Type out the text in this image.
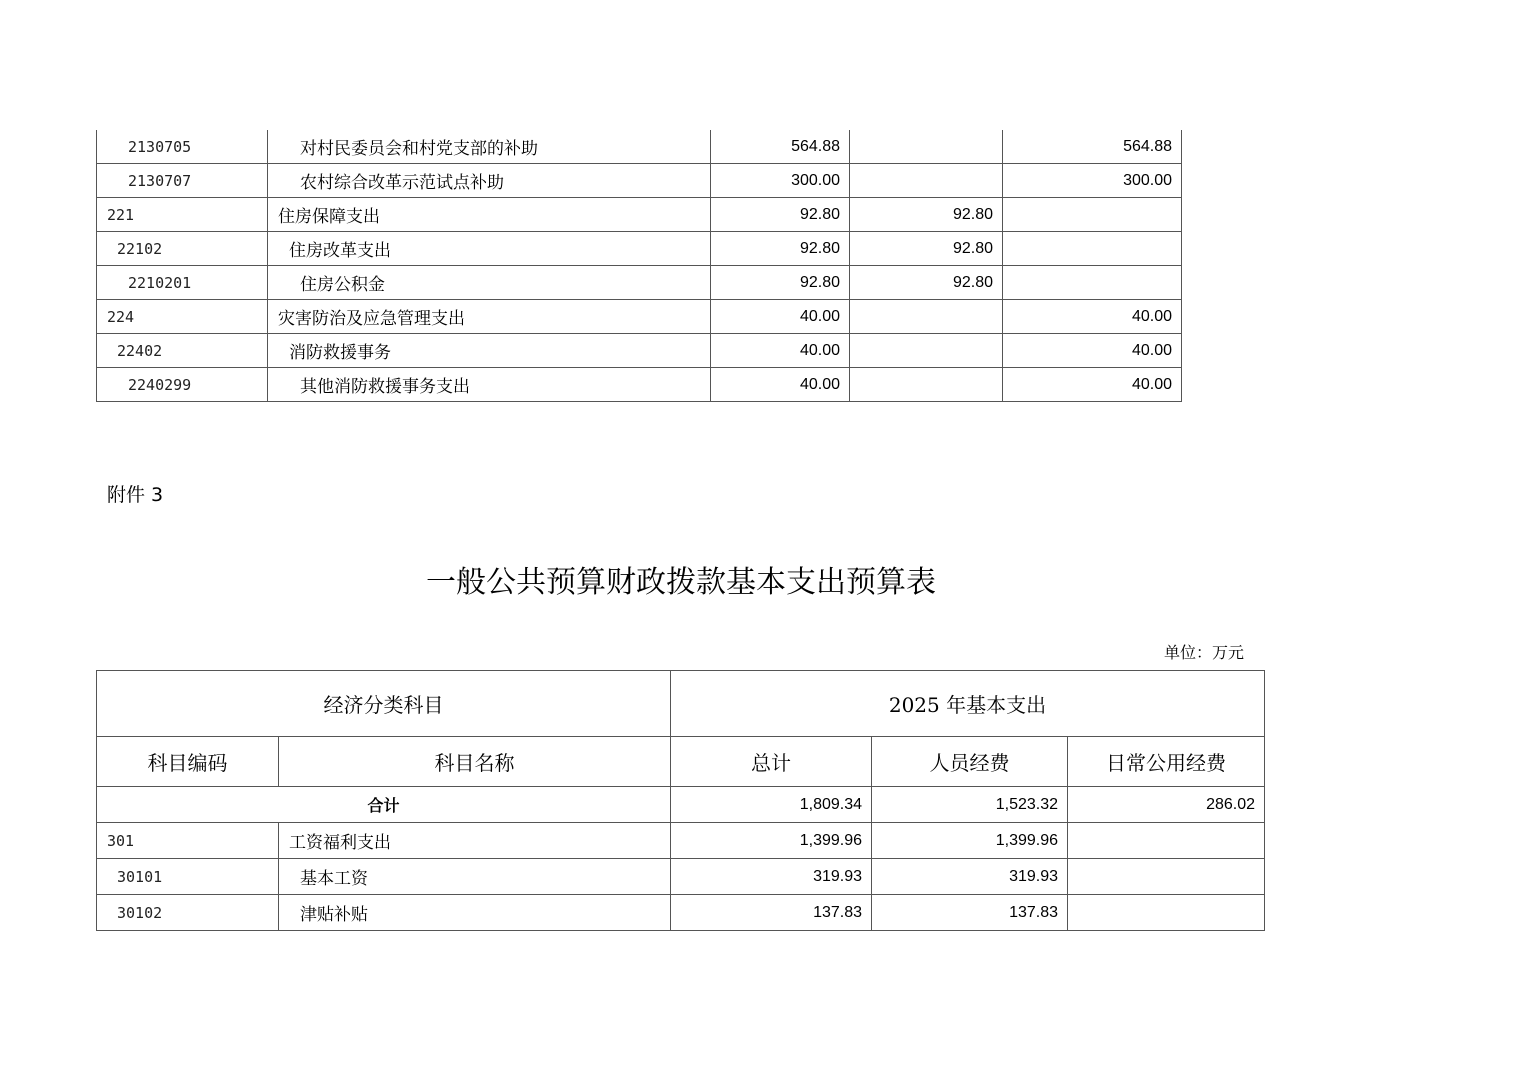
2130705	对村民委员会和村党支部的补助	564.88		564.88
2130707	农村综合改革示范试点补助	300.00		300.00
221	住房保障支出	92.80	92.80	
22102	住房改革支出	92.80	92.80	
2210201	住房公积金	92.80	92.80	
224	灾害防治及应急管理支出	40.00		40.00
22402	消防救援事务	40.00		40.00
2240299	其他消防救援事务支出	40.00		40.00
附件 3
一般公共预算财政拨款基本支出预算表
单位：万元
经济分类科目		2025 年基本支出		
科目编码	科目名称	总计	人员经费	日常公用经费
合计		1,809.34	1,523.32	286.02
301	工资福利支出	1,399.96	1,399.96	
30101	基本工资	319.93	319.93	
30102	津贴补贴	137.83	137.83	
